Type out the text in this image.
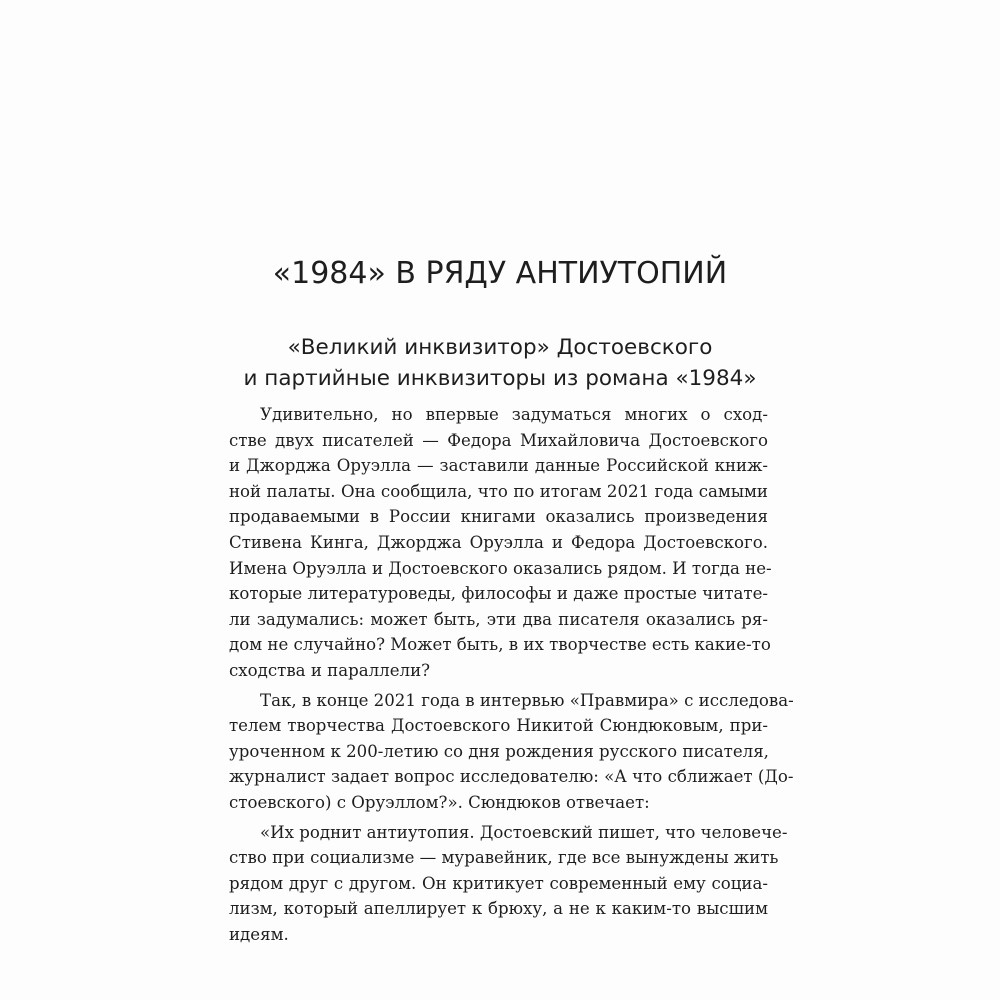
«1984» В РЯДУ АНТИУТОПИЙ
«Великий инквизитор» Достоевского
и партийные инквизиторы из романа «1984»
Удивительно, но впервые задуматься многих о сход-
стве двух писателей — Федора Михайловича Достоевского
и Джорджа Оруэлла — заставили данные Российской книж-
ной палаты. Она сообщила, что по итогам 2021 года самыми
продаваемыми в России книгами оказались произведения
Стивена Кинга, Джорджа Оруэлла и Федора Достоевского.
Имена Оруэлла и Достоевского оказались рядом. И тогда не-
которые литературоведы, философы и даже простые читате-
ли задумались: может быть, эти два писателя оказались ря-
дом не случайно? Может быть, в их творчестве есть какие-то
сходства и параллели?
Так, в конце 2021 года в интервью «Правмира» с исследова-
телем творчества Достоевского Никитой Сюндюковым, при-
уроченном к 200-летию со дня рождения русского писателя,
журналист задает вопрос исследователю: «А что сближает (До-
стоевского) с Оруэллом?». Сюндюков отвечает:
«Их роднит антиутопия. Достоевский пишет, что человече-
ство при социализме — муравейник, где все вынуждены жить
рядом друг с другом. Он критикует современный ему социа-
лизм, который апеллирует к брюху, а не к каким-то высшим
идеям.
